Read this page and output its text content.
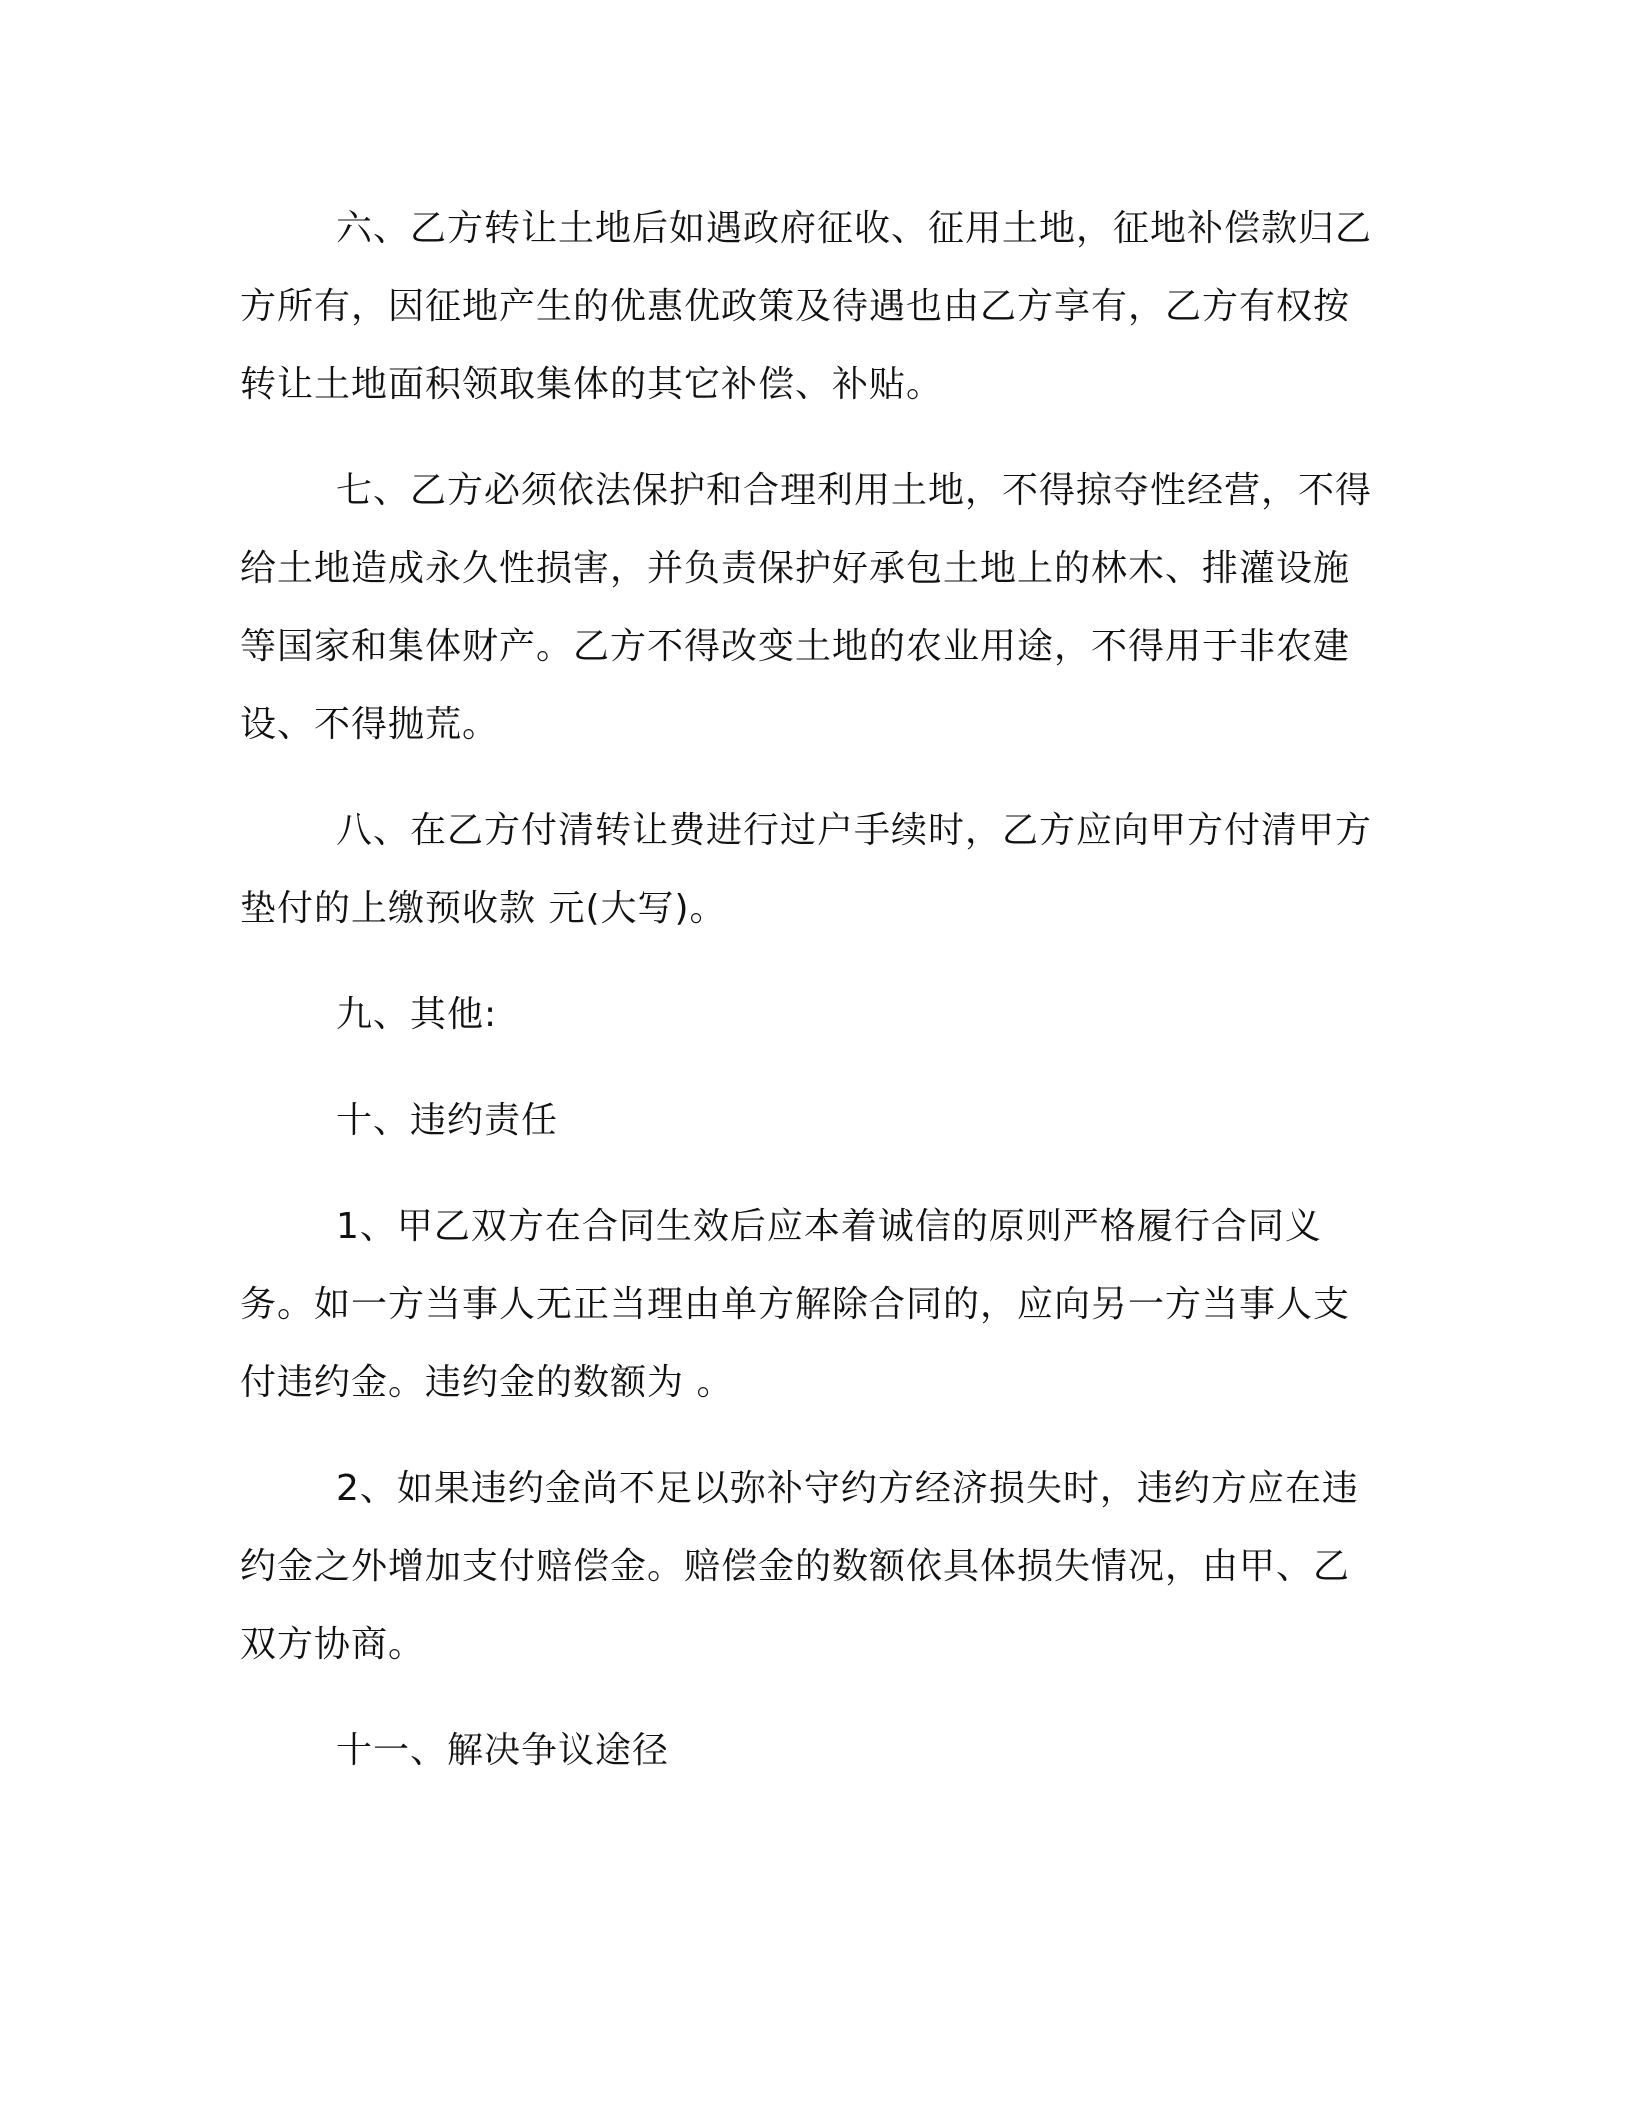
六、乙方转让土地后如遇政府征收、征用土地，征地补偿款归乙方所有，因征地产生的优惠优政策及待遇也由乙方享有，乙方有权按转让土地面积领取集体的其它补偿、补贴。

七、乙方必须依法保护和合理利用土地，不得掠夺性经营，不得给土地造成永久性损害，并负责保护好承包土地上的林木、排灌设施等国家和集体财产。乙方不得改变土地的农业用途，不得用于非农建设、不得抛荒。

八、在乙方付清转让费进行过户手续时，乙方应向甲方付清甲方垫付的上缴预收款 元(大写)。

九、其他:

十、违约责任

1、甲乙双方在合同生效后应本着诚信的原则严格履行合同义务。如一方当事人无正当理由单方解除合同的，应向另一方当事人支付违约金。违约金的数额为 。

2、如果违约金尚不足以弥补守约方经济损失时，违约方应在违约金之外增加支付赔偿金。赔偿金的数额依具体损失情况，由甲、乙双方协商。

十一、解决争议途径
